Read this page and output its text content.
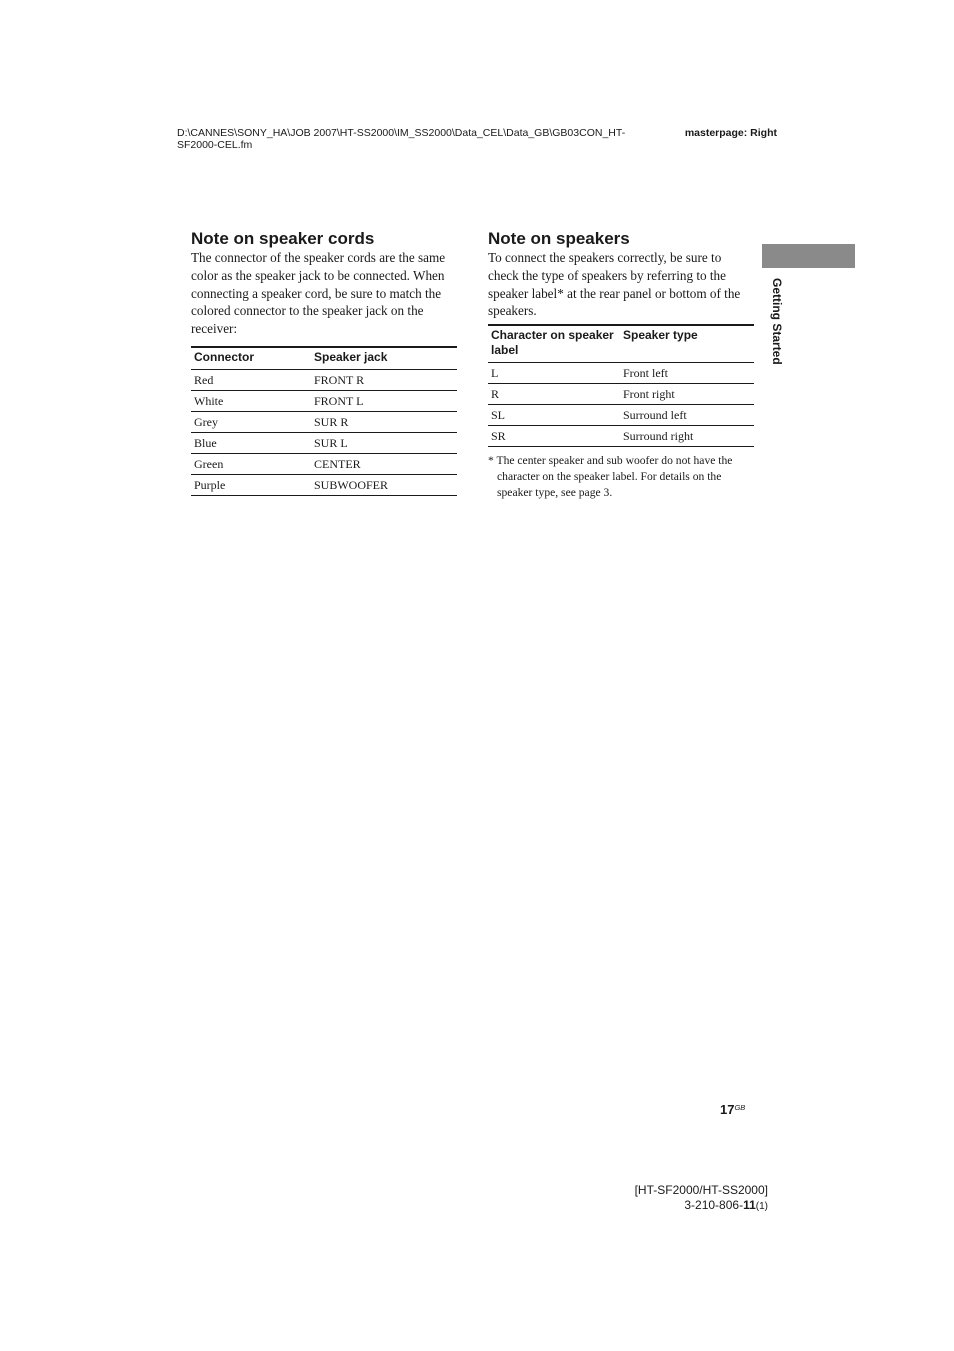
D:\CANNES\SONY_HA\JOB 2007\HT-SS2000\IM_SS2000\Data_CEL\Data_GB\GB03CON_HT-SF2000-CEL.fm
masterpage: Right
Getting Started
Note on speaker cords

The connector of the speaker cords are the same color as the speaker jack to be connected. When connecting a speaker cord, be sure to match the colored connector to the speaker jack on the receiver:

Connector	Speaker jack
Red	FRONT R
White	FRONT L
Grey	SUR R
Blue	SUR L
Green	CENTER
Purple	SUBWOOFER
Note on speakers

To connect the speakers correctly, be sure to check the type of speakers by referring to the speaker label* at the rear panel or bottom of the speakers.

Character on speaker label	Speaker type
L	Front left
R	Front right
SL	Surround left
SR	Surround right
* The center speaker and sub woofer do not have the character on the speaker label. For details on the speaker type, see page 3.
$17^{GB}$
[HT-SF2000/HT-SS2000]
3-210-806-11(1)
